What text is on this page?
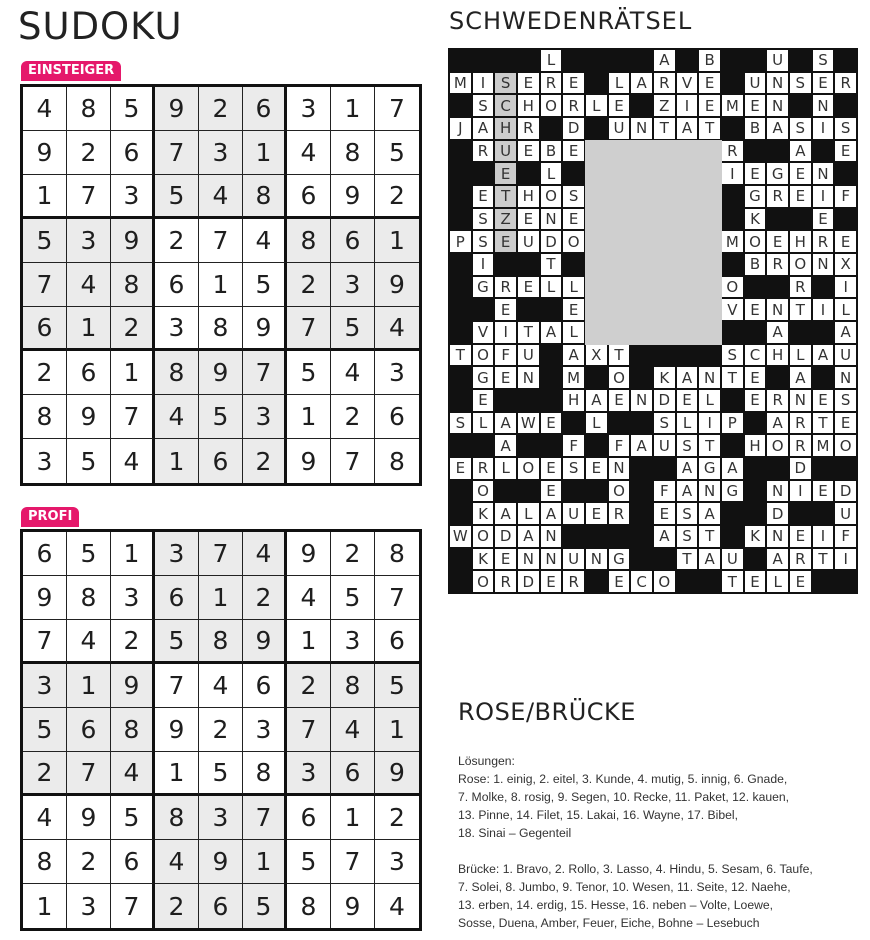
SUDOKU
EINSTEIGER
4	8	5	9	2	6	3	1	7
9	2	6	7	3	1	4	8	5
1	7	3	5	4	8	6	9	2
5	3	9	2	7	4	8	6	1
7	4	8	6	1	5	2	3	9
6	1	2	3	8	9	7	5	4
2	6	1	8	9	7	5	4	3
8	9	7	4	5	3	1	2	6
3	5	4	1	6	2	9	7	8
PROFI
6	5	1	3	7	4	9	2	8
9	8	3	6	1	2	4	5	7
7	4	2	5	8	9	1	3	6
3	1	9	7	4	6	2	8	5
5	6	8	9	2	3	7	4	1
2	7	4	1	5	8	3	6	9
4	9	5	8	3	7	6	1	2
8	2	6	4	9	1	5	7	3
1	3	7	2	6	5	8	9	4
SCHWEDENRÄTSEL
L	A	B	U	S
M I	S E R E	L A R V E	U N S E R
S C H O R L E	Z	I	E M E N	N
J	A H R	D	U N T A T	B A S	I	S
R U E B E	R	A	E
E	L	I	E G E N
E T H O S	G R E	I	F
S Z E N E	K	E
P S E U D O	M O E H R E
I	T	B R O N X
G R E L L	O	R	I
E	E	V E N T	I	L
V	I	T A L	A	A
T O F U	A X T	S C H L A U
G E N	M	O	K A N T E	A	N
E	H A E N D E L	E R N E S
S L A W E	L	S L	I	P	A R T E
A	F	F A U S T	H O R M O
E R L O E S E N	A G A	D
O	E	O	F A N G	N I	E D
K A L A U E R	E S A	D	U
W O D A N	A S T	K N E	I	F
K E N N U N G	T A U	A R T	I
O R D E R	E C O	T E L E
ROSE/BRÜCKE

Lösungen:

Rose: 1. einig, 2. eitel, 3. Kunde, 4. mutig, 5. innig, 6. Gnade,

7. Molke, 8. rosig, 9. Segen, 10. Recke, 11. Paket, 12. kauen,

13. Pinne, 14. Filet, 15. Lakai, 16. Wayne, 17. Bibel,

18. Sinai – Gegenteil

Brücke: 1. Bravo, 2. Rollo, 3. Lasso, 4. Hindu, 5. Sesam, 6. Taufe,

7. Solei, 8. Jumbo, 9. Tenor, 10. Wesen, 11. Seite, 12. Naehe,

13. erben, 14. erdig, 15. Hesse, 16. neben – Volte, Loewe,

Sosse, Duena, Amber, Feuer, Eiche, Bohne – Lesebuch
